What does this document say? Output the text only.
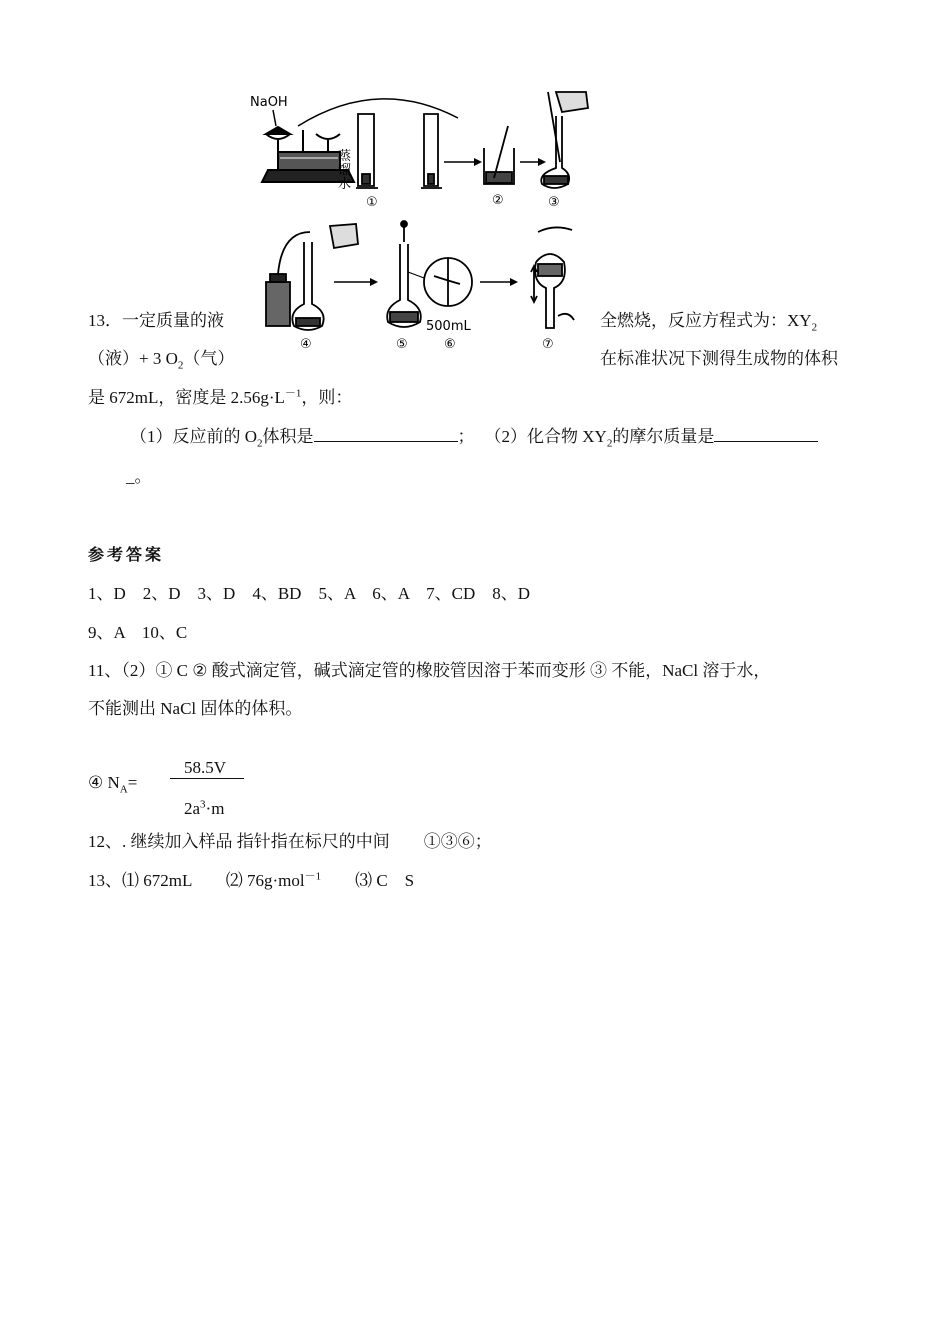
NaOH
蒸
馏
水
①	②	③
④	⑤
500mL
⑥	⑦
13．一定质量的液	全燃烧，反应方程式为：$XY_2$
（液）+ 3 $O_2$（气）	在标准状况下测得生成物的体积
是 672mL，密度是 $2.56g\cdot L^{-1}$，则：
（1）反应前的 $O_2$体积是	； （2）化合物 $XY_2$的摩尔质量是
_。
参考答案
1、D　2、D　3、D　4、BD　5、A　6、A　7、CD　8、D
9、A　10、C
11、（2）① C ② 酸式滴定管，碱式滴定管的橡胶管因溶于苯而变形 ③ 不能，NaCl 溶于水，
不能测出 NaCl 固体的体积。
④ $N_A=$
58.5V
$2a^3\cdot m$
12、. 继续加入样品 指针指在标尺的中间　　①③⑥；
13、⑴ 672mL　　⑵ 76g·mol$^{-1}$　　⑶ C　S
